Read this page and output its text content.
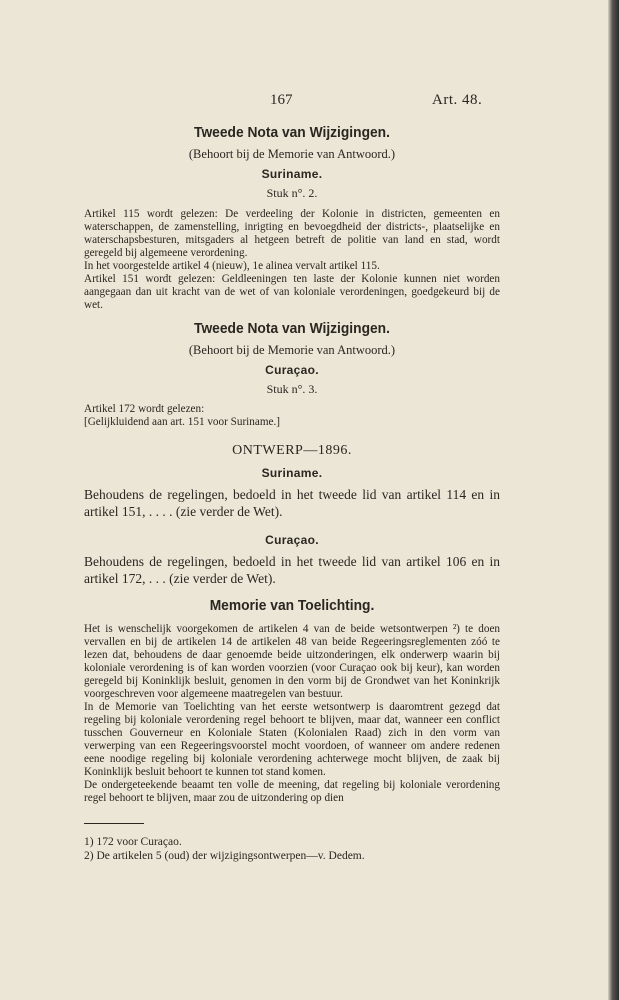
167	Art. 48.
Tweede Nota van Wijzigingen.
(Behoort bij de Memorie van Antwoord.)
Suriname.
Stuk n°. 2.

Artikel 115 wordt gelezen: De verdeeling der Kolonie in districten, gemeenten en waterschappen, de zamenstelling, inrigting en bevoegdheid der districts-, plaatselijke en waterschapsbesturen, mitsgaders al hetgeen betreft de politie van land en stad, wordt geregeld bij algemeene verordening.

In het voorgestelde artikel 4 (nieuw), 1e alinea vervalt artikel 115.

Artikel 151 wordt gelezen: Geldleeningen ten laste der Kolonie kunnen niet worden aangegaan dan uit kracht van de wet of van koloniale verordeningen, goedgekeurd bij de wet.

Tweede Nota van Wijzigingen.
(Behoort bij de Memorie van Antwoord.)
Curaçao.
Stuk n°. 3.
Artikel 172 wordt gelezen:
[Gelijkluidend aan art. 151 voor Suriname.]
ONTWERP—1896.
Suriname.

Behoudens de regelingen, bedoeld in het tweede lid van artikel 114 en in artikel 151, . . . . (zie verder de Wet).

Curaçao.

Behoudens de regelingen, bedoeld in het tweede lid van artikel 106 en in artikel 172, . . . (zie verder de Wet).

Memorie van Toelichting.

Het is wenschelijk voorgekomen de artikelen 4 van de beide wetsontwerpen ²) te doen vervallen en bij de artikelen 14 de artikelen 48 van beide Regeeringsreglementen zóó te lezen dat, behoudens de daar genoemde beide uitzonderingen, elk onderwerp waarin bij koloniale verordening is of kan worden voorzien (voor Curaçao ook bij keur), kan worden geregeld bij Koninklijk besluit, genomen in den vorm bij de Grondwet van het Koninkrijk voorgeschreven voor algemeene maatregelen van bestuur.

In de Memorie van Toelichting van het eerste wetsontwerp is daaromtrent gezegd dat regeling bij koloniale verordening regel behoort te blijven, maar dat, wanneer een conflict tusschen Gouverneur en Koloniale Staten (Kolonialen Raad) zich in den vorm van verwerping van een Regeeringsvoorstel mocht voordoen, of wanneer om andere redenen eene noodige regeling bij koloniale verordening achterwege mocht blijven, de zaak bij Koninklijk besluit behoort te kunnen tot stand komen.

De ondergeteekende beaamt ten volle de meening, dat regeling bij koloniale verordening regel behoort te blijven, maar zou de uitzondering op dien

1) 172 voor Curaçao.
2) De artikelen 5 (oud) der wijzigingsontwerpen—v. Dedem.
